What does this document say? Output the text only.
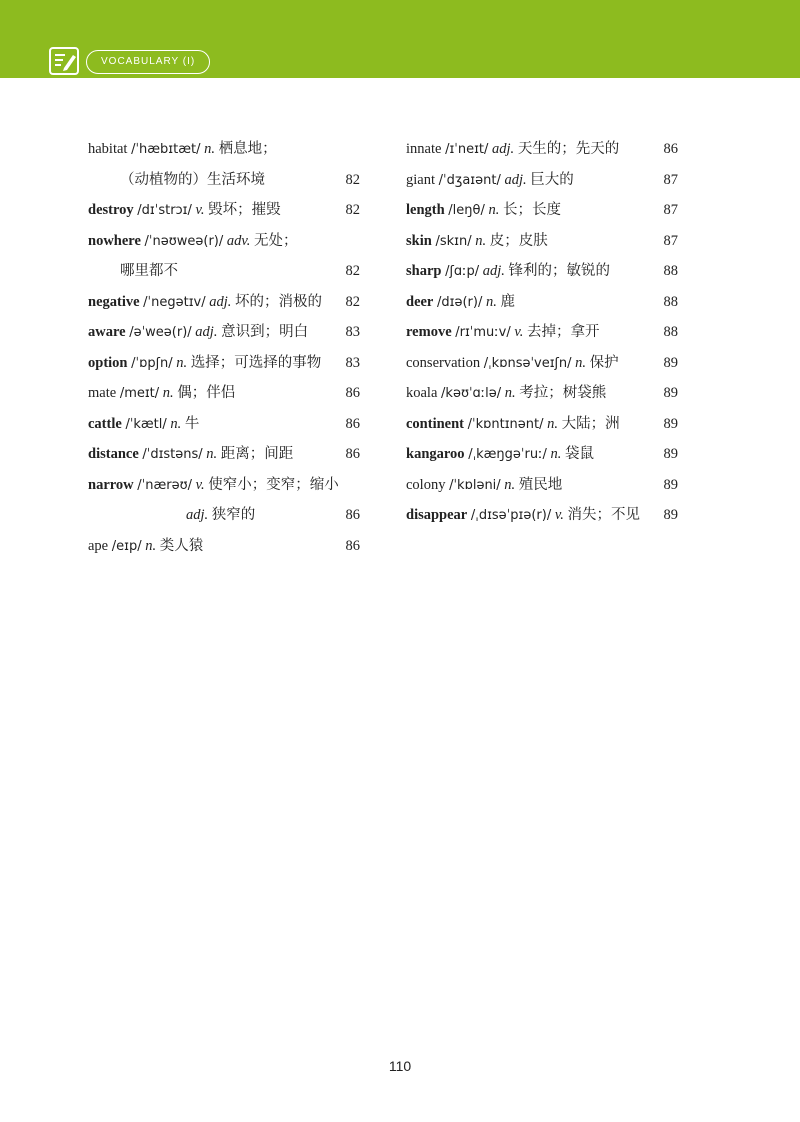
VOCABULARY (I)
habitat /ˈhæbɪtæt/ n. 栖息地；
（动植物的）生活环境	82
destroy /dɪˈstrɔɪ/ v. 毁坏；摧毁	82
nowhere /ˈnəʊweə(r)/ adv. 无处；
哪里都不	82
negative /ˈnegətɪv/ adj. 坏的；消极的 82
aware /əˈweə(r)/ adj. 意识到；明白	83
option /ˈɒpʃn/ n. 选择；可选择的事物 83
mate /meɪt/ n. 偶；伴侣	86
cattle /ˈkætl/ n. 牛	86
distance /ˈdɪstəns/ n. 距离；间距	86
narrow /ˈnærəʊ/ v. 使窄小；变窄；缩小
adj. 狭窄的	86
ape /eɪp/ n. 类人猿	86
innate /ɪˈneɪt/ adj. 天生的；先天的	86
giant /ˈdʒaɪənt/ adj. 巨大的	87
length /leŋθ/ n. 长；长度	87
skin /skɪn/ n. 皮；皮肤	87
sharp /ʃɑːp/ adj. 锋利的；敏锐的	88
deer /dɪə(r)/ n. 鹿	88
remove /rɪˈmuːv/ v. 去掉；拿开	88
conservation /ˌkɒnsəˈveɪʃn/ n. 保护	89
koala /kəʊˈɑːlə/ n. 考拉；树袋熊	89
continent /ˈkɒntɪnənt/ n. 大陆；洲	89
kangaroo /ˌkæŋgəˈruː/ n. 袋鼠	89
colony /ˈkɒləni/ n. 殖民地	89
disappear /ˌdɪsəˈpɪə(r)/ v. 消失；不见 89
110
